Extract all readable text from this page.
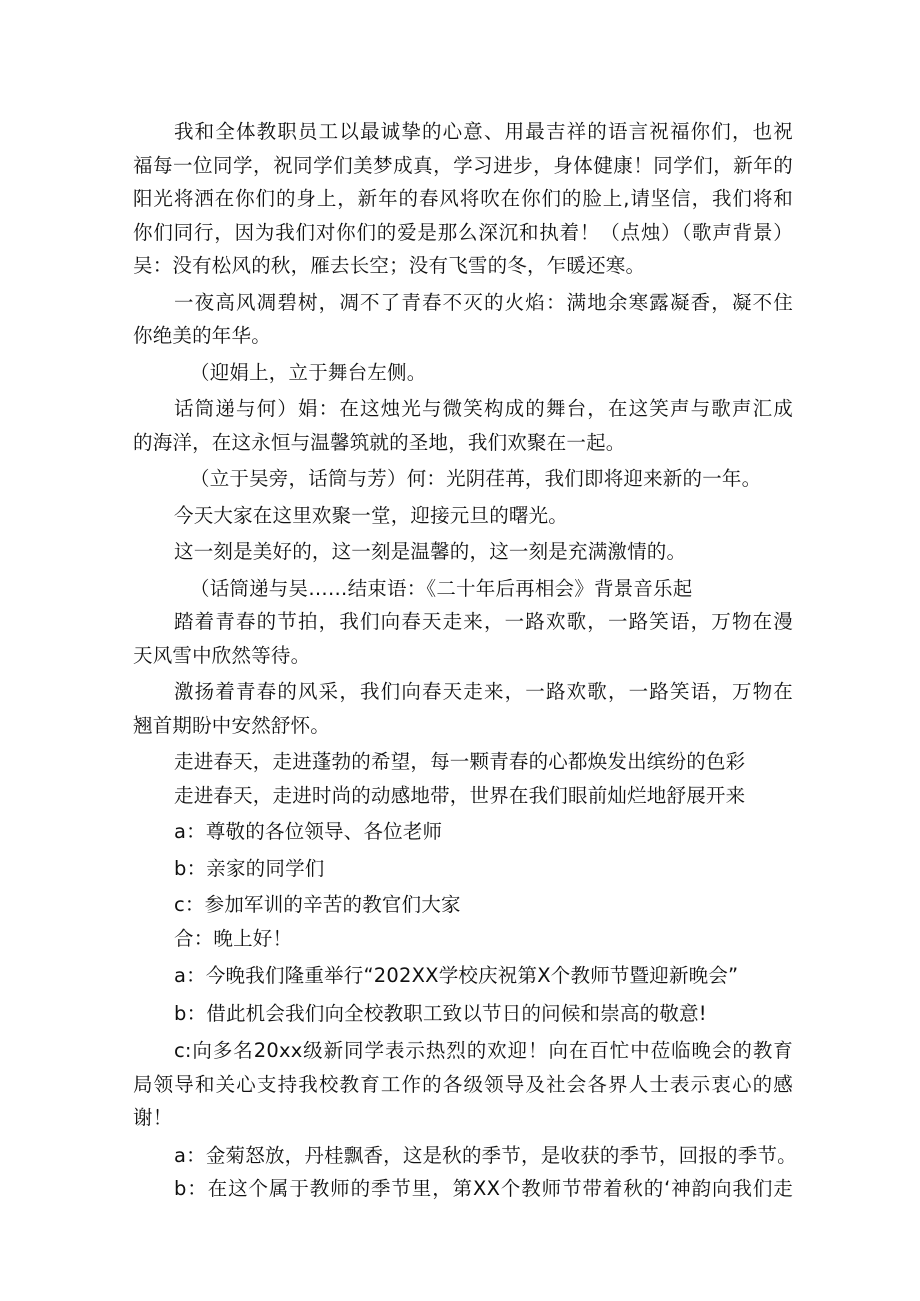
我和全体教职员工以最诚挚的心意、用最吉祥的语言祝福你们，也祝
福每一位同学，祝同学们美梦成真，学习进步，身体健康！同学们，新年的
阳光将洒在你们的身上，新年的春风将吹在你们的脸上,请坚信，我们将和
你们同行，因为我们对你们的爱是那么深沉和执着！（点烛）（歌声背景）
吴：没有松风的秋，雁去长空；没有飞雪的冬，乍暖还寒。
一夜高风凋碧树，凋不了青春不灭的火焰：满地余寒露凝香，凝不住
你绝美的年华。
（迎娟上，立于舞台左侧。
话筒递与何）娟：在这烛光与微笑构成的舞台，在这笑声与歌声汇成
的海洋，在这永恒与温馨筑就的圣地，我们欢聚在一起。
（立于吴旁，话筒与芳）何：光阴荏苒，我们即将迎来新的一年。
今天大家在这里欢聚一堂，迎接元旦的曙光。
这一刻是美好的，这一刻是温馨的，这一刻是充满激情的。
（话筒递与吴……结束语：《二十年后再相会》背景音乐起
踏着青春的节拍，我们向春天走来，一路欢歌，一路笑语，万物在漫
天风雪中欣然等待。
激扬着青春的风采，我们向春天走来，一路欢歌，一路笑语，万物在
翘首期盼中安然舒怀。
走进春天，走进蓬勃的希望，每一颗青春的心都焕发出缤纷的色彩
走进春天，走进时尚的动感地带，世界在我们眼前灿烂地舒展开来
a：尊敬的各位领导、各位老师
b：亲家的同学们
c：参加军训的辛苦的教官们大家
合：晚上好！
a：今晚我们隆重举行“202XX学校庆祝第X个教师节暨迎新晚会”
b：借此机会我们向全校教职工致以节日的问候和崇高的敬意!
c:向多名20xx级新同学表示热烈的欢迎！向在百忙中莅临晚会的教育
局领导和关心支持我校教育工作的各级领导及社会各界人士表示衷心的感
谢！
a：金菊怒放，丹桂飘香，这是秋的季节，是收获的季节，回报的季节。
b：在这个属于教师的季节里，第XX个教师节带着秋的‘神韵向我们走
